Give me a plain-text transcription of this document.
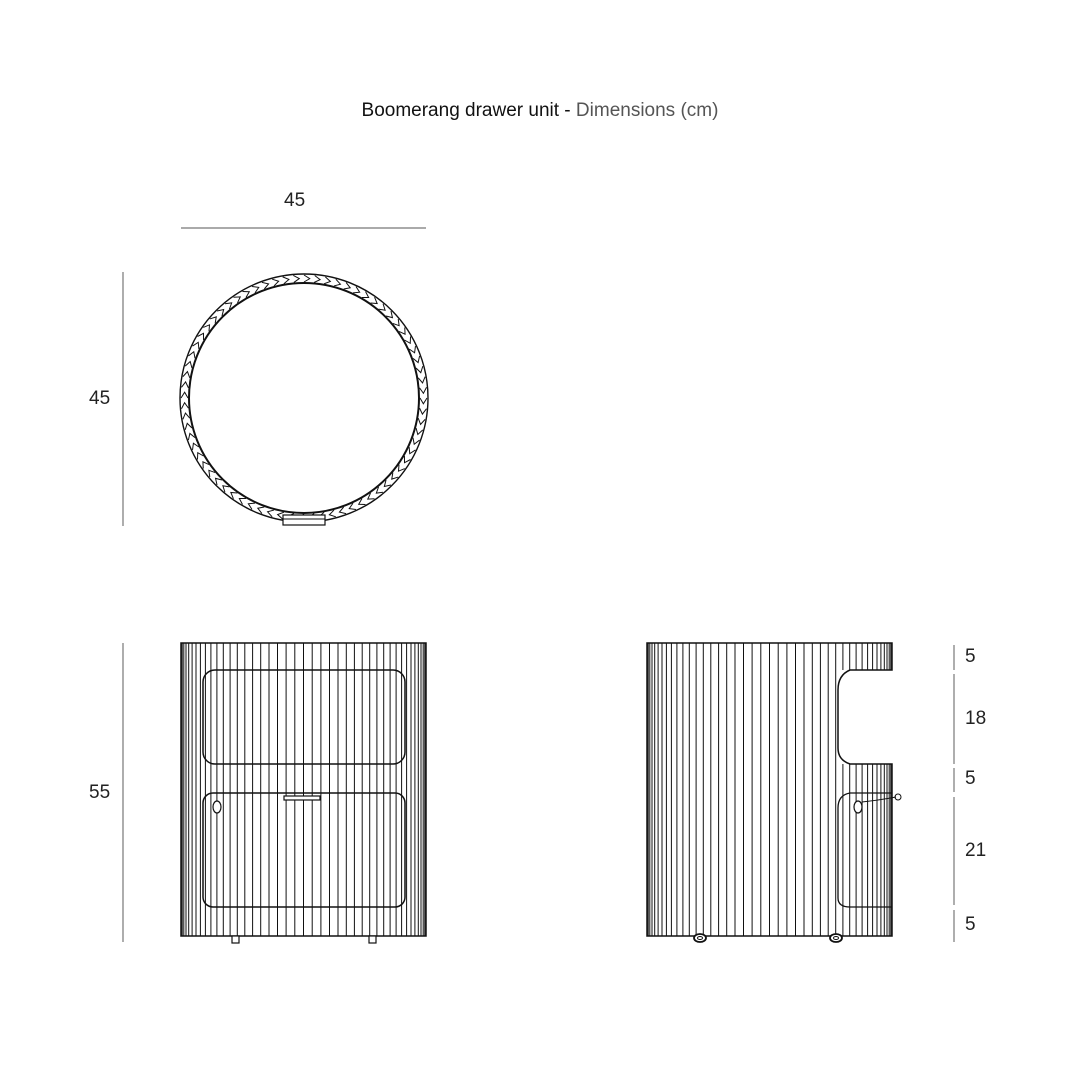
Boomerang drawer unit - Dimensions (cm)
45
45
55
5
18
5
21
5
